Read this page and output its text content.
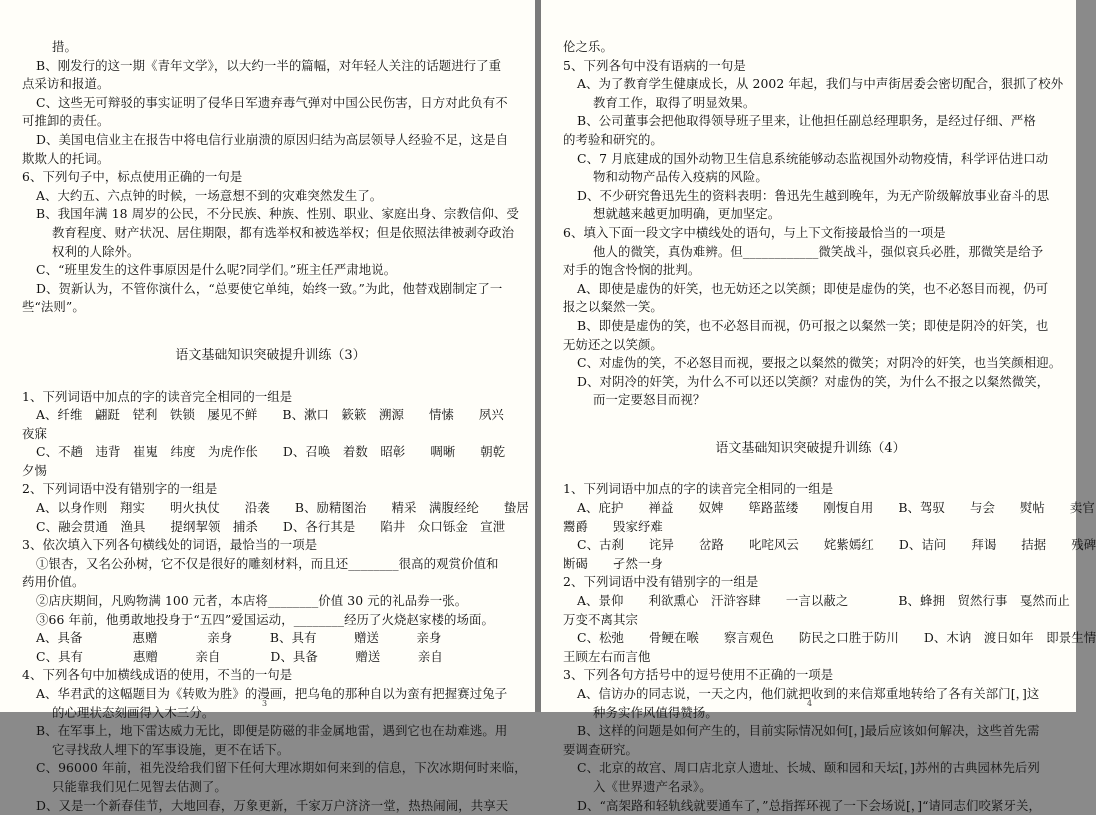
措。
B、刚发行的这一期《青年文学》，以大约一半的篇幅，对年轻人关注的话题进行了重
点采访和报道。
C、这些无可辩驳的事实证明了侵华日军遗弃毒气弹对中国公民伤害，日方对此负有不
可推卸的责任。
D、美国电信业主在报告中将电信行业崩溃的原因归结为高层领导人经验不足，这是自
欺欺人的托词。
6、下列句子中，标点使用正确的一句是
A、大约五、六点钟的时候，一场意想不到的灾难突然发生了。
B、我国年满 18 周岁的公民，不分民族、种族、性别、职业、家庭出身、宗教信仰、受
教育程度、财产状况、居住期限，都有选举权和被选举权；但是依照法律被剥夺政治
权利的人除外。
C、“班里发生的这件事原因是什么呢?同学们。”班主任严肃地说。
D、贺新认为，不管你演什么，“总要使它单纯，始终一致。”为此，他替戏剧制定了一
些“法则”。
语文基础知识突破提升训练（3）
1、下列词语中加点的字的读音完全相同的一组是
A、纤维　翩跹　铓利　铁锁　屡见不鲜　　B、漱口　簌簌　溯源　　情愫　　夙兴
夜寐
C、不趟　违背　崔嵬　纬度　为虎作伥　　D、召唤　着数　昭彰　　啁晰　　朝乾
夕惕
2、下列词语中没有错别字的一组是
A、以身作则　翔实　　明火执仗　　沿袭　　B、励精图治　　精采　满腹经纶　　蛰居
C、融会贯通　渔具　　提纲挈领　捕杀　　D、各行其是　　陷井　众口铄金　宣泄
3、依次填入下列各句横线处的词语，最恰当的一项是
①银杏，又名公孙树，它不仅是很好的雕刻材料，而且还________很高的观赏价值和
药用价值。
②店庆期间，凡购物满 100 元者，本店将________价值 30 元的礼品券一张。
③66 年前，他勇敢地投身于“五四”爱国运动，________经历了火烧赵家楼的场面。
A、具备　　　　惠赠　　　　亲身　　　B、具有　　　赠送　　　亲身
C、具有　　　　惠赠　　　亲自　　　　D、具备　　　赠送　　　亲自
4、下列各句中加横线成语的使用，不当的一句是
A、华君武的这幅题目为《转败为胜》的漫画，把乌龟的那种自以为蛮有把握赛过兔子
的心理状态刻画得入木三分。
B、在军事上，地下雷达威力无比，即便是防磁的非金属地雷，遇到它也在劫难逃。用
它寻找敌人埋下的军事设施，更不在话下。
C、96000 年前，祖先没给我们留下任何大理冰期如何来到的信息，下次冰期何时来临，
只能靠我们见仁见智去估测了。
D、又是一个新春佳节，大地回春，万象更新，千家万户济济一堂，热热闹闹，共享天
3
伦之乐。
5、下列各句中没有语病的一句是
A、为了教育学生健康成长，从 2002 年起，我们与中声街居委会密切配合，狠抓了校外
教育工作，取得了明显效果。
B、公司董事会把他取得领导班子里来，让他担任副总经理职务，是经过仔细、严格
的考验和研究的。
C、7 月底建成的国外动物卫生信息系统能够动态监视国外动物疫情，科学评估进口动
物和动物产品传入疫病的风险。
D、不少研究鲁迅先生的资料表明：鲁迅先生越到晚年，为无产阶级解放事业奋斗的思
想就越来越更加明确，更加坚定。
6、填入下面一段文字中横线处的语句，与上下文衔接最恰当的一项是
他人的微笑，真伪难辨。但____________微笑战斗，强似哀兵必胜，那微笑是给予
对手的饱含怜悯的批判。
A、即使是虚伪的奸笑，也无妨还之以笑颜；即使是虚伪的笑，也不必怒目而视，仍可
报之以粲然一笑。
B、即使是虚伪的笑，也不必怒目而视，仍可报之以粲然一笑；即使是阴冷的奸笑，也
无妨还之以笑颜。
C、对虚伪的笑，不必怒目而视，要报之以粲然的微笑；对阴冷的奸笑，也当笑颜相迎。
D、对阴冷的奸笑，为什么不可以还以笑颜？对虚伪的笑，为什么不报之以粲然微笑，
而一定要怒目而视？
语文基础知识突破提升训练（4）
1、下列词语中加点的字的读音完全相同的一组是
A、庇护　　禅益　　奴婢　　筚路蓝缕　　刚愎自用　　B、驾驭　　与会　　熨帖　　卖官
鬻爵　　毁家纾难
C、古刹　　诧异　　岔路　　叱咤风云　　姹紫嫣红　　D、诘问　　拜谒　　拮据　　残碑
断碣　　孑然一身
2、下列词语中没有错别字的一组是
A、景仰　　利欲熏心　汗浒容肆　　一言以蔽之　　　　B、蜂拥　贸然行事　戛然而止
万变不离其宗
C、松弛　　骨鲠在喉　　察言观色　　防民之口胜于防川　　D、木讷　渡日如年　即景生情
王顾左右而言他
3、下列各句方括号中的逗号使用不正确的一项是
A、信访办的同志说，一天之内，他们就把收到的来信郑重地转给了各有关部门[，]这
种务实作风值得赞扬。
B、这样的问题是如何产生的，目前实际情况如何[，]最后应该如何解决，这些首先需
要调查研究。
C、北京的故宫、周口店北京人遗址、长城、颐和园和天坛[，]苏州的古典园林先后列
入《世界遗产名录》。
D、“高架路和轻轨线就要通车了，”总指挥环视了一下会场说[，]“请同志们咬紧牙关，
4
